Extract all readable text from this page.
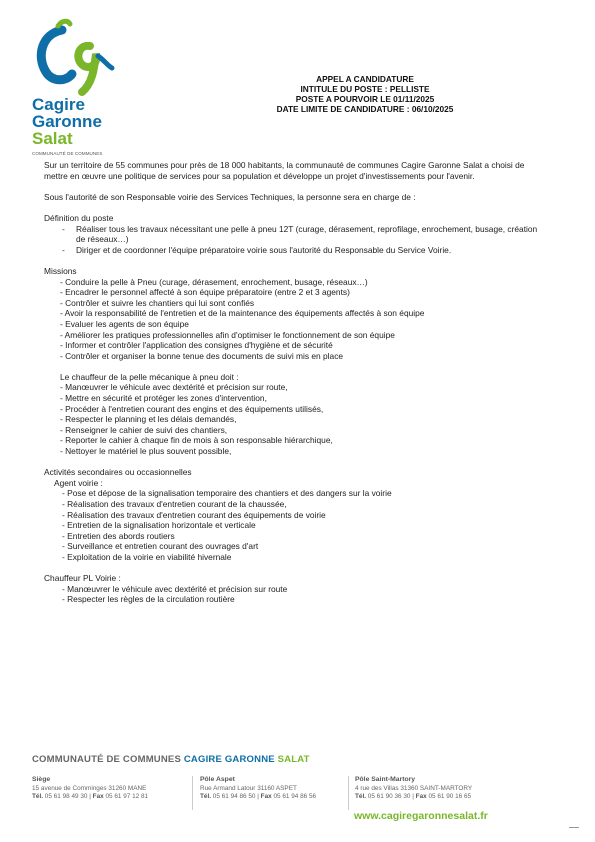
Cagire
Garonne
Salat
COMMUNAUTÉ DE COMMUNES
APPEL A CANDIDATURE
INTITULE DU POSTE : PELLISTE
POSTE A POURVOIR LE 01/11/2025
DATE LIMITE DE CANDIDATURE : 06/10/2025
Sur un territoire de 55 communes pour près de 18 000 habitants, la communauté de communes Cagire Garonne Salat a choisi de mettre en œuvre une politique de services pour sa population et développe un projet d'investissements pour l'avenir.
Sous l'autorité de son Responsable voirie des Services Techniques, la personne sera en charge de :
Définition du poste
- Réaliser tous les travaux nécessitant une pelle à pneu 12T (curage, dérasement, reprofilage, enrochement, busage, création de réseaux…)
- Diriger et de coordonner l'équipe préparatoire voirie sous l'autorité du Responsable du Service Voirie.
Missions
- Conduire la pelle à Pneu (curage, dérasement, enrochement, busage, réseaux…)
- Encadrer le personnel affecté à son équipe préparatoire (entre 2 et 3 agents)
- Contrôler et suivre les chantiers qui lui sont confiés
- Avoir la responsabilité de l'entretien et de la maintenance des équipements affectés à son équipe
- Evaluer les agents de son équipe
- Améliorer les pratiques professionnelles afin d'optimiser le fonctionnement de son équipe
- Informer et contrôler l'application des consignes d'hygiène et de sécurité
- Contrôler et organiser la bonne tenue des documents de suivi mis en place
Le chauffeur de la pelle mécanique à pneu doit :
- Manœuvrer le véhicule avec dextérité et précision sur route,
- Mettre en sécurité et protéger les zones d'intervention,
- Procéder à l'entretien courant des engins et des équipements utilisés,
- Respecter le planning et les délais demandés,
- Renseigner le cahier de suivi des chantiers,
- Reporter le cahier à chaque fin de mois à son responsable hiérarchique,
- Nettoyer le matériel le plus souvent possible,
Activités secondaires ou occasionnelles
Agent voirie :
- Pose et dépose de la signalisation temporaire des chantiers et des dangers sur la voirie
- Réalisation des travaux d'entretien courant de la chaussée,
- Réalisation des travaux d'entretien courant des équipements de voirie
- Entretien de la signalisation horizontale et verticale
- Entretien des abords routiers
- Surveillance et entretien courant des ouvrages d'art
- Exploitation de la voirie en viabilité hivernale
Chauffeur PL Voirie :
- Manœuvrer le véhicule avec dextérité et précision sur route
- Respecter les règles de la circulation routière
COMMUNAUTÉ DE COMMUNES CAGIRE GARONNE SALAT
Siège
15 avenue de Comminges 31260 MANE
Tél. 05 61 98 49 30 | Fax 05 61 97 12 81
Pôle Aspet
Rue Armand Latour 31160 ASPET
Tél. 05 61 94 86 50 | Fax 05 61 94 86 56
Pôle Saint-Martory
4 rue des Villas 31360 SAINT-MARTORY
Tél. 05 61 90 36 30 | Fax 05 61 90 16 65
www.cagiregaronnesalat.fr
